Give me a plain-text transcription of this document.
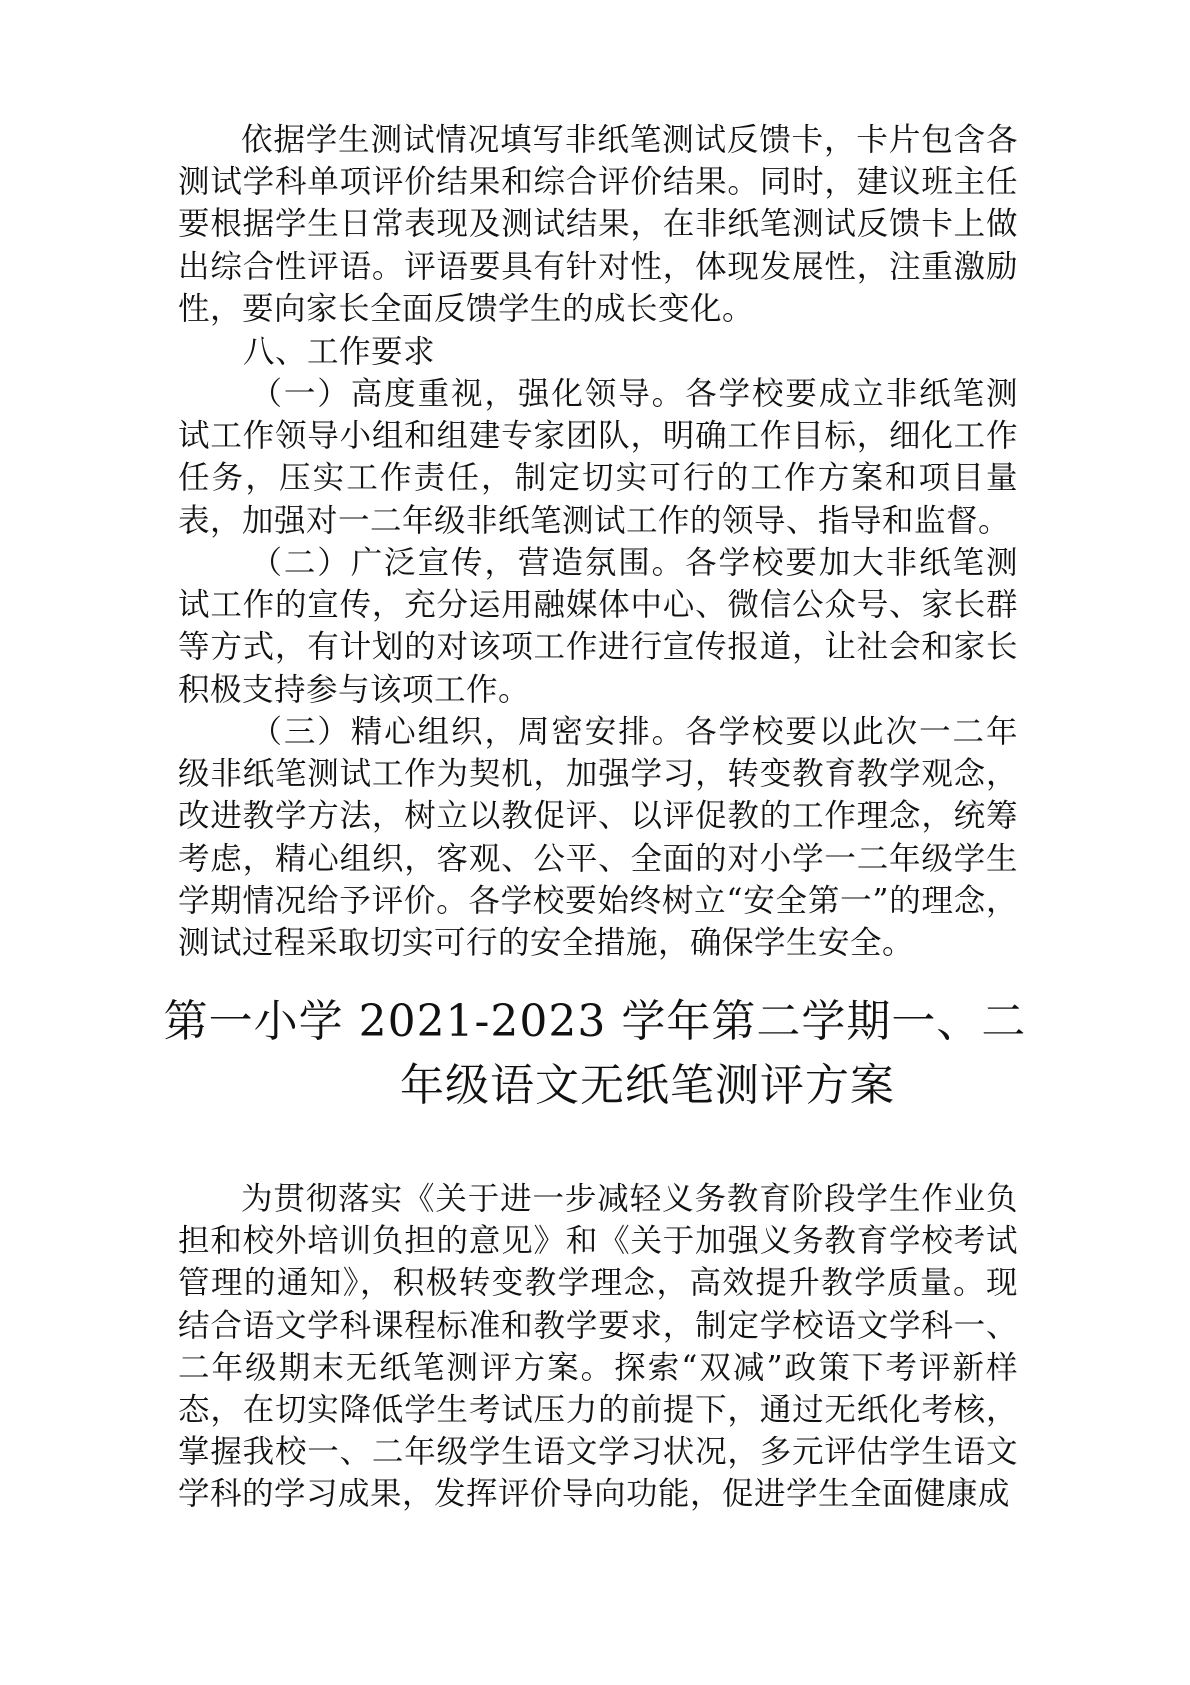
依据学生测试情况填写非纸笔测试反馈卡，卡片包含各测试学科单项评价结果和综合评价结果。同时，建议班主任要根据学生日常表现及测试结果，在非纸笔测试反馈卡上做出综合性评语。评语要具有针对性，体现发展性，注重激励性，要向家长全面反馈学生的成长变化。

八、工作要求

（一）高度重视，强化领导。各学校要成立非纸笔测试工作领导小组和组建专家团队，明确工作目标，细化工作任务，压实工作责任，制定切实可行的工作方案和项目量表，加强对一二年级非纸笔测试工作的领导、指导和监督。

（二）广泛宣传，营造氛围。各学校要加大非纸笔测试工作的宣传，充分运用融媒体中心、微信公众号、家长群等方式，有计划的对该项工作进行宣传报道，让社会和家长积极支持参与该项工作。

（三）精心组织，周密安排。各学校要以此次一二年级非纸笔测试工作为契机，加强学习，转变教育教学观念，改进教学方法，树立以教促评、以评促教的工作理念，统筹考虑，精心组织，客观、公平、全面的对小学一二年级学生学期情况给予评价。各学校要始终树立“安全第一”的理念，测试过程采取切实可行的安全措施，确保学生安全。

第一小学 2021-2023 学年第二学期一、二
年级语文无纸笔测评方案

为贯彻落实《关于进一步减轻义务教育阶段学生作业负担和校外培训负担的意见》和《关于加强义务教育学校考试管理的通知》，积极转变教学理念，高效提升教学质量。现结合语文学科课程标准和教学要求，制定学校语文学科一、二年级期末无纸笔测评方案。探索“双减”政策下考评新样态，在切实降低学生考试压力的前提下，通过无纸化考核，掌握我校一、二年级学生语文学习状况，多元评估学生语文学科的学习成果，发挥评价导向功能，促进学生全面健康成
